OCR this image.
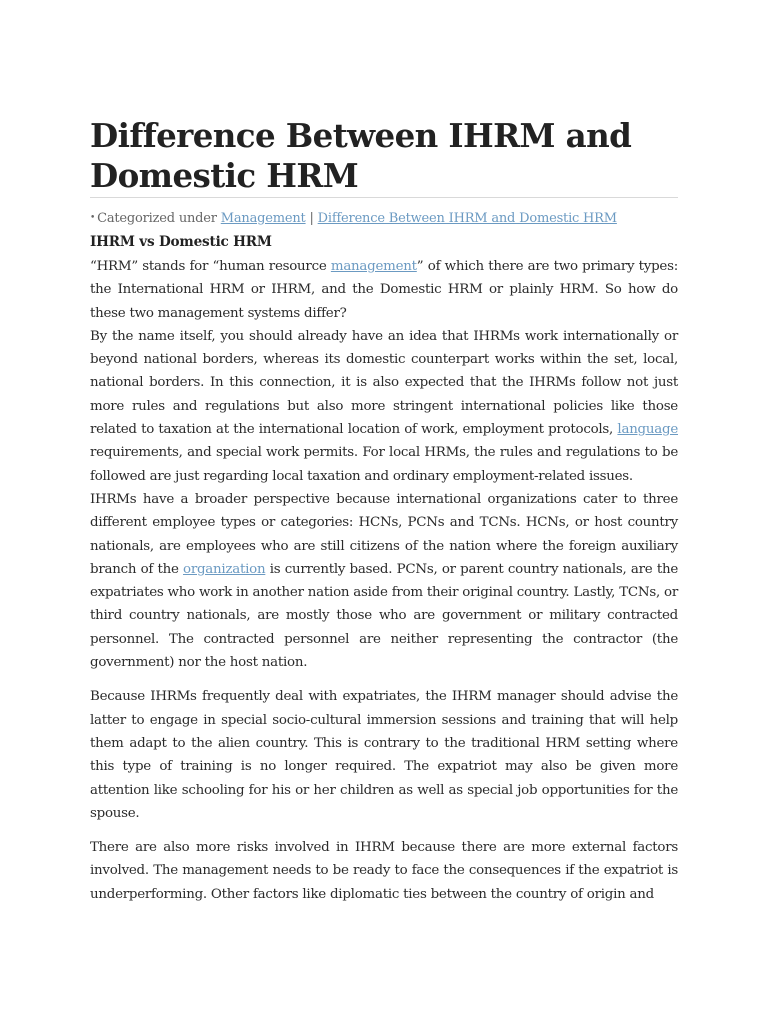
Difference Between IHRM and Domestic HRM
• Categorized under Management | Difference Between IHRM and Domestic HRM
IHRM vs Domestic HRM

“HRM” stands for “human resource management” of which there are two primary types: the International HRM or IHRM, and the Domestic HRM or plainly HRM. So how do these two management systems differ?

By the name itself, you should already have an idea that IHRMs work internationally or beyond national borders, whereas its domestic counterpart works within the set, local, national borders. In this connection, it is also expected that the IHRMs follow not just more rules and regulations but also more stringent international policies like those related to taxation at the international location of work, employment protocols, language requirements, and special work permits. For local HRMs, the rules and regulations to be followed are just regarding local taxation and ordinary employment-related issues.

IHRMs have a broader perspective because international organizations cater to three different employee types or categories: HCNs, PCNs and TCNs. HCNs, or host country nationals, are employees who are still citizens of the nation where the foreign auxiliary branch of the organization is currently based. PCNs, or parent country nationals, are the expatriates who work in another nation aside from their original country. Lastly, TCNs, or third country nationals, are mostly those who are government or military contracted personnel. The contracted personnel are neither representing the contractor (the government) nor the host nation.

Because IHRMs frequently deal with expatriates, the IHRM manager should advise the latter to engage in special socio-cultural immersion sessions and training that will help them adapt to the alien country. This is contrary to the traditional HRM setting where this type of training is no longer required. The expatriot may also be given more attention like schooling for his or her children as well as special job opportunities for the spouse.

There are also more risks involved in IHRM because there are more external factors involved. The management needs to be ready to face the consequences if the expatriot is underperforming. Other factors like diplomatic ties between the country of origin and
